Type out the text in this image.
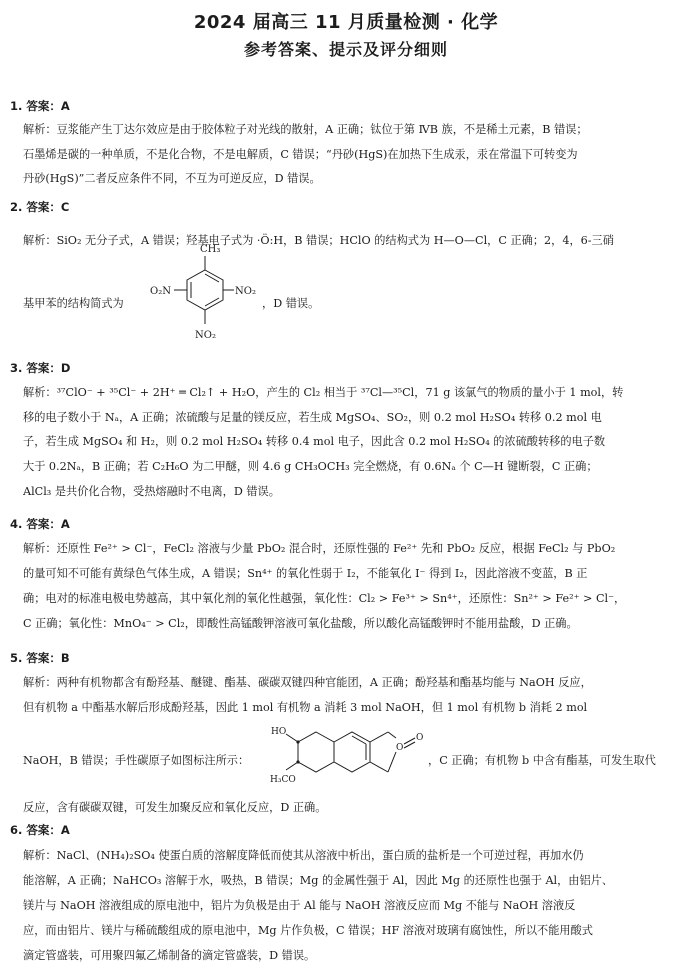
2024 届高三 11 月质量检测 · 化学
参考答案、提示及评分细则
1. 答案：A
解析：豆浆能产生丁达尔效应是由于胶体粒子对光线的散射，A 正确；钛位于第 ⅣB 族，不是稀土元素，B 错误；
石墨烯是碳的一种单质，不是化合物，不是电解质，C 错误；“丹砂(HgS)在加热下生成汞，汞在常温下可转变为
丹砂(HgS)”二者反应条件不同，不互为可逆反应，D 错误。
2. 答案：C
解析：SiO₂ 无分子式，A 错误；羟基电子式为 ·Ö:H，B 错误；HClO 的结构式为 H—O—Cl，C 正确；2，4，6-三硝
基甲苯的结构简式为
CH₃
O₂N	NO₂
NO₂
，D 错误。
3. 答案：D
解析：³⁷ClO⁻ + ³⁵Cl⁻ + 2H⁺ ═ Cl₂↑ + H₂O，产生的 Cl₂ 相当于 ³⁷Cl—³⁵Cl，71 g 该氯气的物质的量小于 1 mol，转
移的电子数小于 Nₐ，A 正确；浓硫酸与足量的镁反应，若生成 MgSO₄、SO₂，则 0.2 mol H₂SO₄ 转移 0.2 mol 电
子，若生成 MgSO₄ 和 H₂，则 0.2 mol H₂SO₄ 转移 0.4 mol 电子，因此含 0.2 mol H₂SO₄ 的浓硫酸转移的电子数
大于 0.2Nₐ，B 正确；若 C₂H₆O 为二甲醚，则 4.6 g CH₃OCH₃ 完全燃烧，有 0.6Nₐ 个 C—H 键断裂，C 正确；
AlCl₃ 是共价化合物，受热熔融时不电离，D 错误。
4. 答案：A
解析：还原性 Fe²⁺ > Cl⁻，FeCl₂ 溶液与少量 PbO₂ 混合时，还原性强的 Fe²⁺ 先和 PbO₂ 反应，根据 FeCl₂ 与 PbO₂
的量可知不可能有黄绿色气体生成，A 错误；Sn⁴⁺ 的氧化性弱于 I₂，不能氧化 I⁻ 得到 I₂，因此溶液不变蓝，B 正
确；电对的标准电极电势越高，其中氧化剂的氧化性越强，氧化性：Cl₂ > Fe³⁺ > Sn⁴⁺，还原性：Sn²⁺ > Fe²⁺ > Cl⁻，
C 正确；氧化性：MnO₄⁻ > Cl₂，即酸性高锰酸钾溶液可氧化盐酸，所以酸化高锰酸钾时不能用盐酸，D 正确。
5. 答案：B
解析：两种有机物都含有酚羟基、醚键、酯基、碳碳双键四种官能团，A 正确；酚羟基和酯基均能与 NaOH 反应，
但有机物 a 中酯基水解后形成酚羟基，因此 1 mol 有机物 a 消耗 3 mol NaOH，但 1 mol 有机物 b 消耗 2 mol
NaOH，B 错误；手性碳原子如图标注所示：
HO
H₃CO
O
O
，C 正确；有机物 b 中含有酯基，可发生取代
反应，含有碳碳双键，可发生加聚反应和氧化反应，D 正确。
6. 答案：A
解析：NaCl、(NH₄)₂SO₄ 使蛋白质的溶解度降低而使其从溶液中析出，蛋白质的盐析是一个可逆过程，再加水仍
能溶解，A 正确；NaHCO₃ 溶解于水，吸热，B 错误；Mg 的金属性强于 Al，因此 Mg 的还原性也强于 Al，由铝片、
镁片与 NaOH 溶液组成的原电池中，铝片为负极是由于 Al 能与 NaOH 溶液反应而 Mg 不能与 NaOH 溶液反
应，而由铝片、镁片与稀硫酸组成的原电池中，Mg 片作负极，C 错误；HF 溶液对玻璃有腐蚀性，所以不能用酸式
滴定管盛装，可用聚四氟乙烯制备的滴定管盛装，D 错误。
